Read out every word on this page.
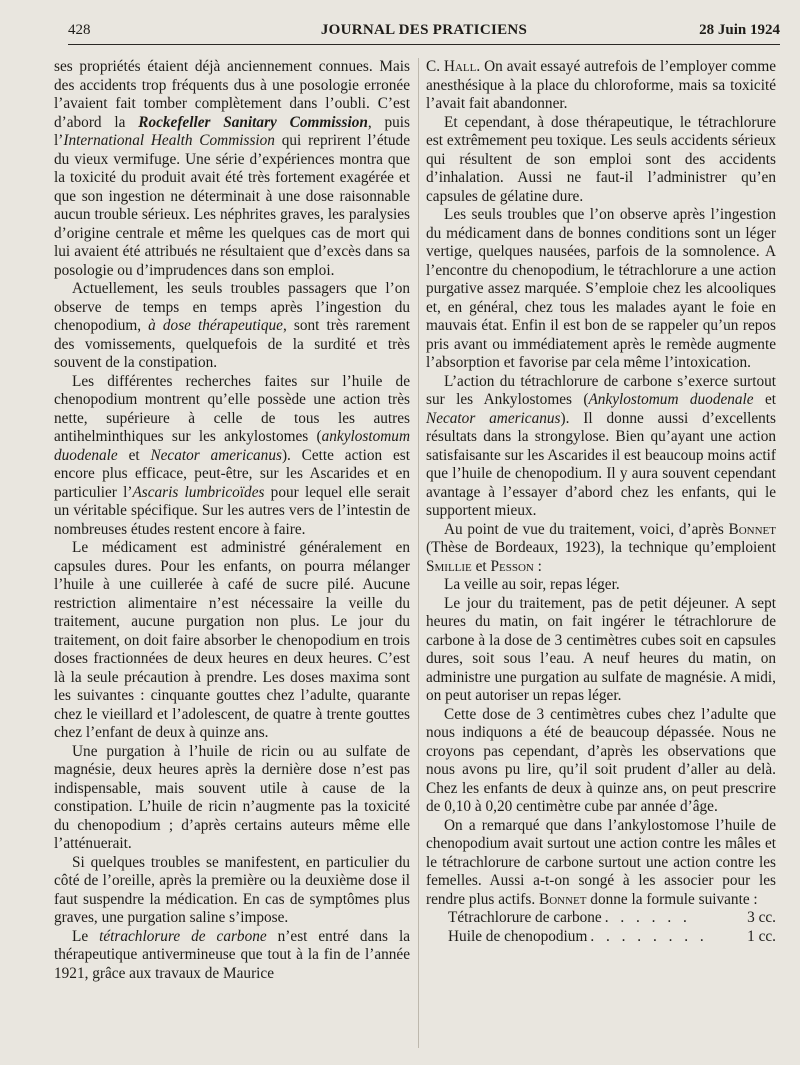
428	JOURNAL DES PRATICIENS	28 Juin 1924

ses propriétés étaient déjà anciennement connues. Mais des accidents trop fréquents dus à une posologie erronée l’avaient fait tomber complètement dans l’oubli. C’est d’abord la Rockefeller Sanitary Commission, puis l’International Health Commission qui reprirent l’étude du vieux vermifuge. Une série d’expériences montra que la toxicité du produit avait été très fortement exagérée et que son ingestion ne déterminait à une dose raisonnable aucun trouble sérieux. Les néphrites graves, les paralysies d’origine centrale et même les quelques cas de mort qui lui avaient été attribués ne résultaient que d’excès dans sa posologie ou d’imprudences dans son emploi.

Actuellement, les seuls troubles passagers que l’on observe de temps en temps après l’ingestion du chenopodium, à dose thérapeutique, sont très rarement des vomissements, quelquefois de la surdité et très souvent de la constipation.

Les différentes recherches faites sur l’huile de chenopodium montrent qu’elle possède une action très nette, supérieure à celle de tous les autres antihelminthiques sur les ankylostomes (ankylostomum duodenale et Necator americanus). Cette action est encore plus efficace, peut-être, sur les Ascarides et en particulier l’Ascaris lumbricoïdes pour lequel elle serait un véritable spécifique. Sur les autres vers de l’intestin de nombreuses études restent encore à faire.

Le médicament est administré généralement en capsules dures. Pour les enfants, on pourra mélanger l’huile à une cuillerée à café de sucre pilé. Aucune restriction alimentaire n’est nécessaire la veille du traitement, aucune purgation non plus. Le jour du traitement, on doit faire absorber le chenopodium en trois doses fractionnées de deux heures en deux heures. C’est là la seule précaution à prendre. Les doses maxima sont les suivantes : cinquante gouttes chez l’adulte, quarante chez le vieillard et l’adolescent, de quatre à trente gouttes chez l’enfant de deux à quinze ans.

Une purgation à l’huile de ricin ou au sulfate de magnésie, deux heures après la dernière dose n’est pas indispensable, mais souvent utile à cause de la constipation. L’huile de ricin n’augmente pas la toxicité du chenopodium ; d’après certains auteurs même elle l’atténuerait.

Si quelques troubles se manifestent, en particulier du côté de l’oreille, après la première ou la deuxième dose il faut suspendre la médication. En cas de symptômes plus graves, une purgation saline s’impose.

Le tétrachlorure de carbone n’est entré dans la thérapeutique antivermineuse que tout à la fin de l’année 1921, grâce aux travaux de Maurice

C. Hall. On avait essayé autrefois de l’employer comme anesthésique à la place du chloroforme, mais sa toxicité l’avait fait abandonner.

Et cependant, à dose thérapeutique, le tétrachlorure est extrêmement peu toxique. Les seuls accidents sérieux qui résultent de son emploi sont des accidents d’inhalation. Aussi ne faut-il l’administrer qu’en capsules de gélatine dure.

Les seuls troubles que l’on observe après l’ingestion du médicament dans de bonnes conditions sont un léger vertige, quelques nausées, parfois de la somnolence. A l’encontre du chenopodium, le tétrachlorure a une action purgative assez marquée. S’emploie chez les alcooliques et, en général, chez tous les malades ayant le foie en mauvais état. Enfin il est bon de se rappeler qu’un repos pris avant ou immédiatement après le remède augmente l’absorption et favorise par cela même l’intoxication.

L’action du tétrachlorure de carbone s’exerce surtout sur les Ankylostomes (Ankylostomum duodenale et Necator americanus). Il donne aussi d’excellents résultats dans la strongylose. Bien qu’ayant une action satisfaisante sur les Ascarides il est beaucoup moins actif que l’huile de chenopodium. Il y aura souvent cependant avantage à l’essayer d’abord chez les enfants, qui le supportent mieux.

Au point de vue du traitement, voici, d’après Bonnet (Thèse de Bordeaux, 1923), la technique qu’emploient Smillie et Pesson :

La veille au soir, repas léger.

Le jour du traitement, pas de petit déjeuner. A sept heures du matin, on fait ingérer le tétrachlorure de carbone à la dose de 3 centimètres cubes soit en capsules dures, soit sous l’eau. A neuf heures du matin, on administre une purgation au sulfate de magnésie. A midi, on peut autoriser un repas léger.

Cette dose de 3 centimètres cubes chez l’adulte que nous indiquons a été de beaucoup dépassée. Nous ne croyons pas cependant, d’après les observations que nous avons pu lire, qu’il soit prudent d’aller au delà. Chez les enfants de deux à quinze ans, on peut prescrire de 0,10 à 0,20 centimètre cube par année d’âge.

On a remarqué que dans l’ankylostomose l’huile de chenopodium avait surtout une action contre les mâles et le tétrachlorure de carbone surtout une action contre les femelles. Aussi a-t-on songé à les associer pour les rendre plus actifs. Bonnet donne la formule suivante :

Tétrachlorure de carbone . . . . . .	3 cc.
Huile de chenopodium . . . . . . . .	1 cc.
